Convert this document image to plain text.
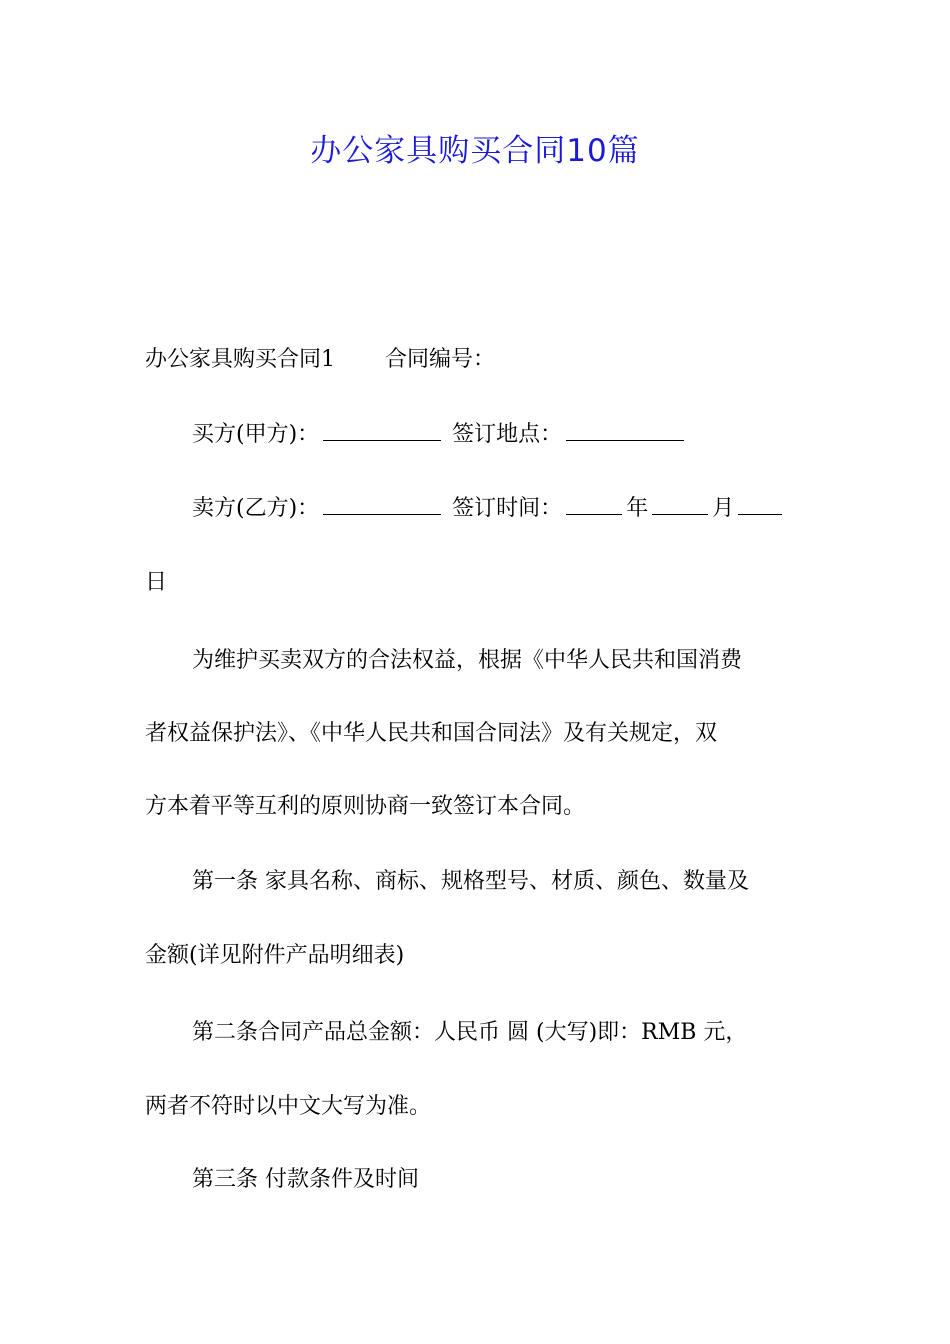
办公家具购买合同10篇
办公家具购买合同1 合同编号：
买方(甲方)：	签订地点：
卖方(乙方)：	签订时间：	年	月
日
为维护买卖双方的合法权益，根据《中华人民共和国消费
者权益保护法》、《中华人民共和国合同法》及有关规定，双
方本着平等互利的原则协商一致签订本合同。
第一条 家具名称、商标、规格型号、材质、颜色、数量及
金额(详见附件产品明细表)
第二条合同产品总金额：人民币 圆 (大写)即：RMB 元，
两者不符时以中文大写为准。
第三条 付款条件及时间
